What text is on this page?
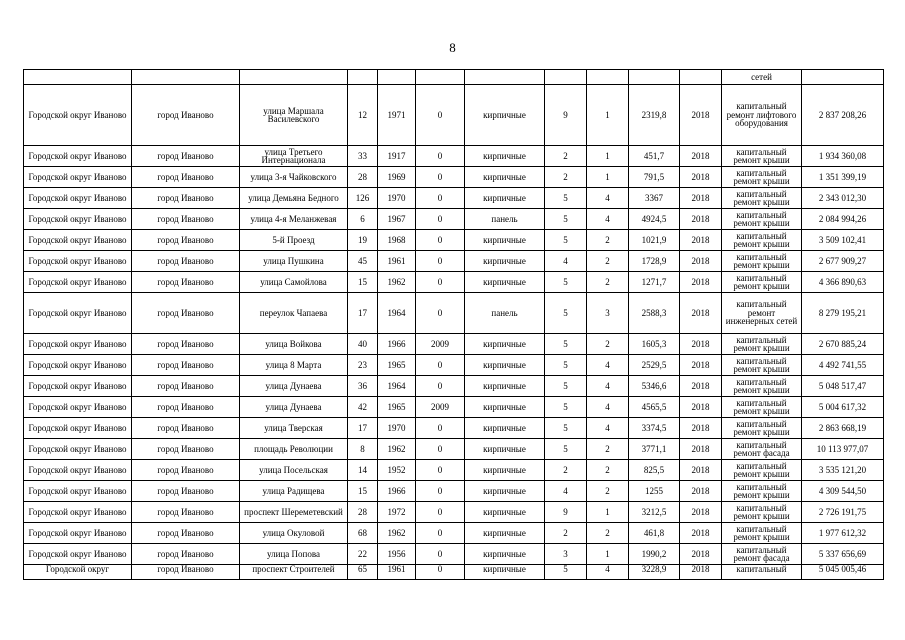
8
											сетей	
Городской округ Иваново	город Иваново	улица Маршала Василевского	12	1971	0	кирпичные	9	1	2319,8	2018	капитальный ремонт лифтового оборудования	2 837 208,26
Городской округ Иваново	город Иваново	улица Третьего Интернационала	33	1917	0	кирпичные	2	1	451,7	2018	капитальный ремонт крыши	1 934 360,08
Городской округ Иваново	город Иваново	улица 3-я Чайковского	28	1969	0	кирпичные	2	1	791,5	2018	капитальный ремонт крыши	1 351 399,19
Городской округ Иваново	город Иваново	улица Демьяна Бедного	126	1970	0	кирпичные	5	4	3367	2018	капитальный ремонт крыши	2 343 012,30
Городской округ Иваново	город Иваново	улица 4-я Меланжевая	6	1967	0	панель	5	4	4924,5	2018	капитальный ремонт крыши	2 084 994,26
Городской округ Иваново	город Иваново	5-й Проезд	19	1968	0	кирпичные	5	2	1021,9	2018	капитальный ремонт крыши	3 509 102,41
Городской округ Иваново	город Иваново	улица Пушкина	45	1961	0	кирпичные	4	2	1728,9	2018	капитальный ремонт крыши	2 677 909,27
Городской округ Иваново	город Иваново	улица Самойлова	15	1962	0	кирпичные	5	2	1271,7	2018	капитальный ремонт крыши	4 366 890,63
Городской округ Иваново	город Иваново	переулок Чапаева	17	1964	0	панель	5	3	2588,3	2018	капитальный ремонт инженерных сетей	8 279 195,21
Городской округ Иваново	город Иваново	улица Войкова	40	1966	2009	кирпичные	5	2	1605,3	2018	капитальный ремонт крыши	2 670 885,24
Городской округ Иваново	город Иваново	улица 8 Марта	23	1965	0	кирпичные	5	4	2529,5	2018	капитальный ремонт крыши	4 492 741,55
Городской округ Иваново	город Иваново	улица Дунаева	36	1964	0	кирпичные	5	4	5346,6	2018	капитальный ремонт крыши	5 048 517,47
Городской округ Иваново	город Иваново	улица Дунаева	42	1965	2009	кирпичные	5	4	4565,5	2018	капитальный ремонт крыши	5 004 617,32
Городской округ Иваново	город Иваново	улица Тверская	17	1970	0	кирпичные	5	4	3374,5	2018	капитальный ремонт крыши	2 863 668,19
Городской округ Иваново	город Иваново	площадь Революции	8	1962	0	кирпичные	5	2	3771,1	2018	капитальный ремонт фасада	10 113 977,07
Городской округ Иваново	город Иваново	улица Посельская	14	1952	0	кирпичные	2	2	825,5	2018	капитальный ремонт крыши	3 535 121,20
Городской округ Иваново	город Иваново	улица Радищева	15	1966	0	кирпичные	4	2	1255	2018	капитальный ремонт крыши	4 309 544,50
Городской округ Иваново	город Иваново	проспект Шереметевский	28	1972	0	кирпичные	9	1	3212,5	2018	капитальный ремонт крыши	2 726 191,75
Городской округ Иваново	город Иваново	улица Окуловой	68	1962	0	кирпичные	2	2	461,8	2018	капитальный ремонт крыши	1 977 612,32
Городской округ Иваново	город Иваново	улица Попова	22	1956	0	кирпичные	3	1	1990,2	2018	капитальный ремонт фасада	5 337 656,69
Городской округ	город Иваново	проспект Строителей	65	1961	0	кирпичные	5	4	3228,9	2018	капитальный	5 045 005,46
